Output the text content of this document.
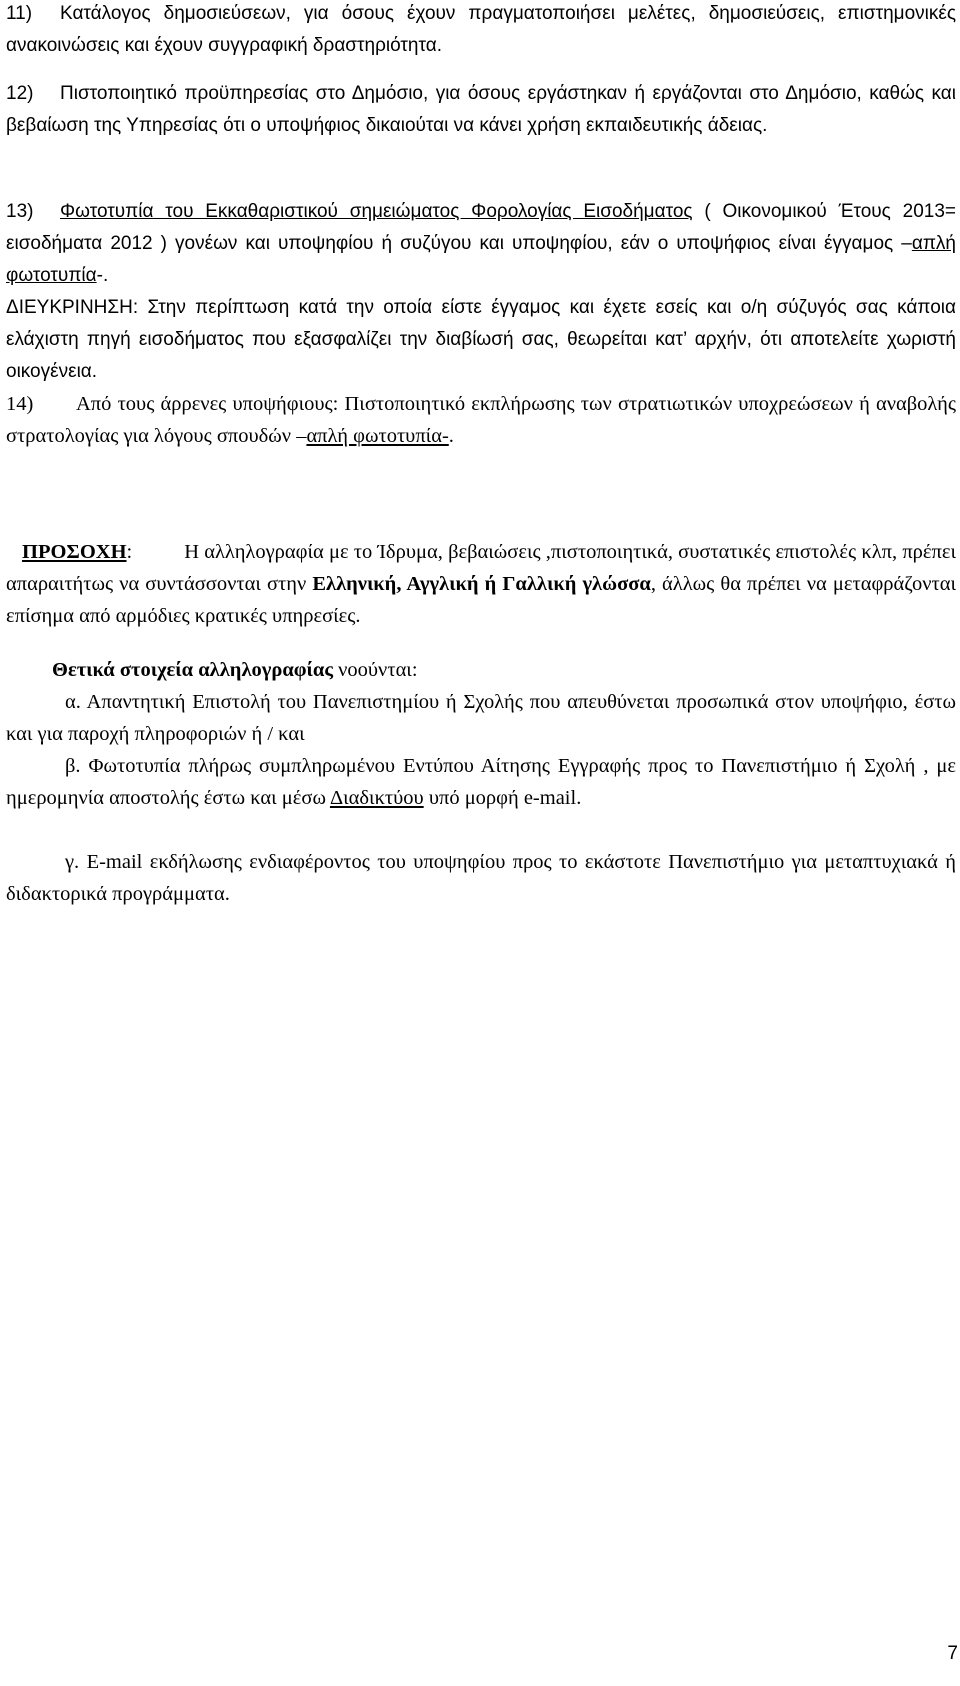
11) Κατάλογος δημοσιεύσεων, για όσους έχουν πραγματοποιήσει μελέτες, δημοσιεύσεις, επιστημονικές ανακοινώσεις και έχουν συγγραφική δραστηριότητα.
12) Πιστοποιητικό προϋπηρεσίας στο Δημόσιο, για όσους εργάστηκαν ή εργάζονται στο Δημόσιο, καθώς και βεβαίωση της Υπηρεσίας ότι ο υποψήφιος δικαιούται να κάνει χρήση εκπαιδευτικής άδειας.
13) Φωτοτυπία του Εκκαθαριστικού σημειώματος Φορολογίας Εισοδήματος ( Οικονομικού Έτους 2013= εισοδήματα 2012 ) γονέων και υποψηφίου ή συζύγου και υποψηφίου, εάν ο υποψήφιος είναι έγγαμος –απλή φωτοτυπία-.
ΔΙΕΥΚΡΙΝΗΣΗ: Στην περίπτωση κατά την οποία είστε έγγαμος και έχετε εσείς και ο/η σύζυγός σας κάποια ελάχιστη πηγή εισοδήματος που εξασφαλίζει την διαβίωσή σας, θεωρείται κατ’ αρχήν, ότι αποτελείτε χωριστή οικογένεια.
14) Από τους άρρενες υποψήφιους: Πιστοποιητικό εκπλήρωσης των στρατιωτικών υποχρεώσεων ή αναβολής στρατολογίας για λόγους σπουδών –απλή φωτοτυπία-.
ΠΡΟΣΟΧΗ:	Η αλληλογραφία με το Ίδρυμα, βεβαιώσεις ,πιστοποιητικά, συστατικές επιστολές κλπ, πρέπει απαραιτήτως να συντάσσονται στην Ελληνική, Αγγλική ή Γαλλική γλώσσα, άλλως θα πρέπει να μεταφράζονται επίσημα από αρμόδιες κρατικές υπηρεσίες.
Θετικά στοιχεία αλληλογραφίας νοούνται:
α. Απαντητική Επιστολή του Πανεπιστημίου ή Σχολής που απευθύνεται προσωπικά στον υποψήφιο, έστω και για παροχή πληροφοριών ή / και
β. Φωτοτυπία πλήρως συμπληρωμένου Εντύπου Αίτησης Εγγραφής προς το Πανεπιστήμιο ή Σχολή , με ημερομηνία αποστολής έστω και μέσω Διαδικτύου υπό μορφή e-mail.
γ. E-mail εκδήλωσης ενδιαφέροντος του υποψηφίου προς το εκάστοτε Πανεπιστήμιο για μεταπτυχιακά ή διδακτορικά προγράμματα.
7
